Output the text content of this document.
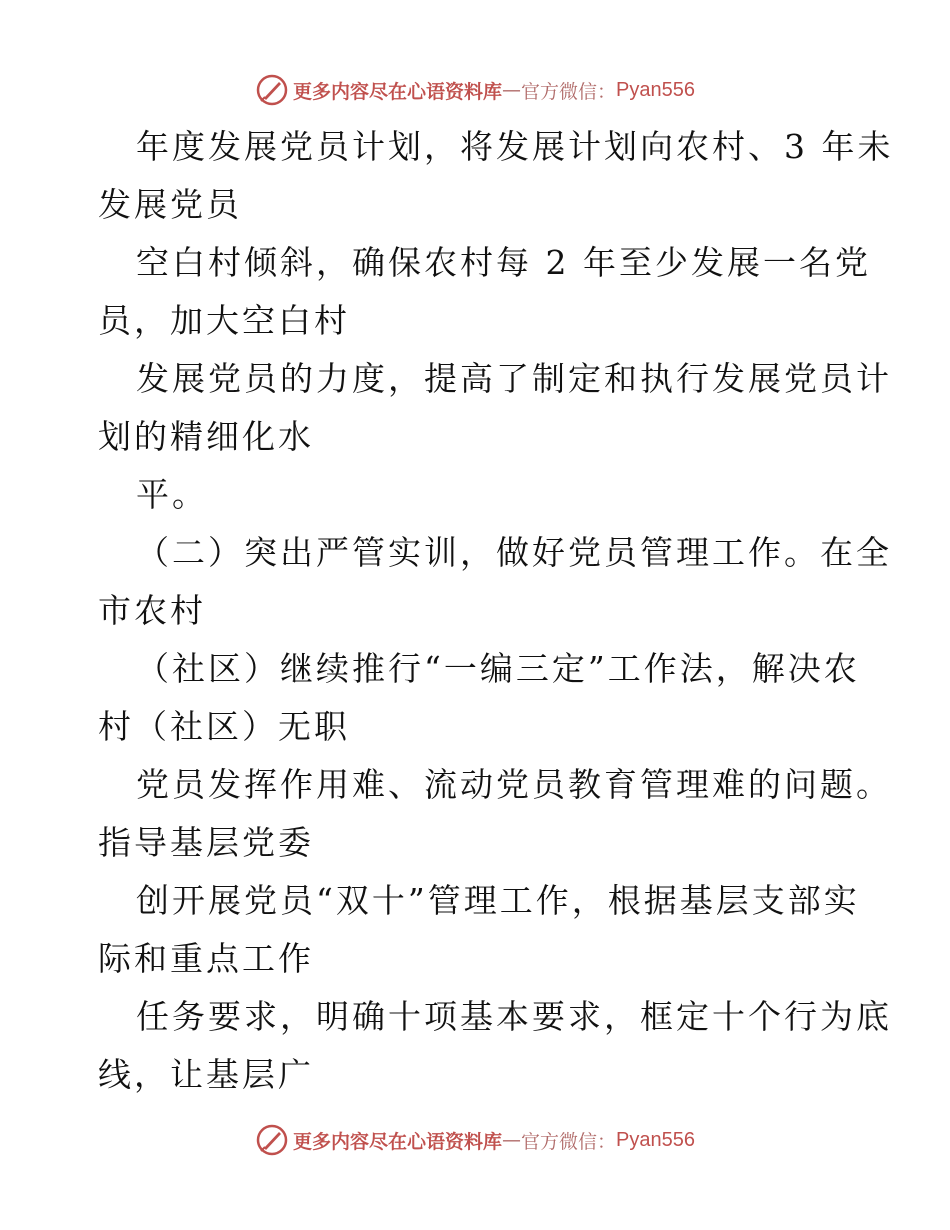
更多内容尽在心语资料库 — 官方微信： Pyan556
年度发展党员计划，将发展计划向农村、3 年未
发展党员
空白村倾斜，确保农村每 2 年至少发展一名党
员，加大空白村
发展党员的力度，提高了制定和执行发展党员计
划的精细化水
平。
（二）突出严管实训，做好党员管理工作。在全
市农村
（社区）继续推行“一编三定”工作法，解决农
村（社区）无职
党员发挥作用难、流动党员教育管理难的问题。
指导基层党委
创开展党员“双十”管理工作，根据基层支部实
际和重点工作
任务要求，明确十项基本要求，框定十个行为底
线，让基层广
更多内容尽在心语资料库 — 官方微信： Pyan556
